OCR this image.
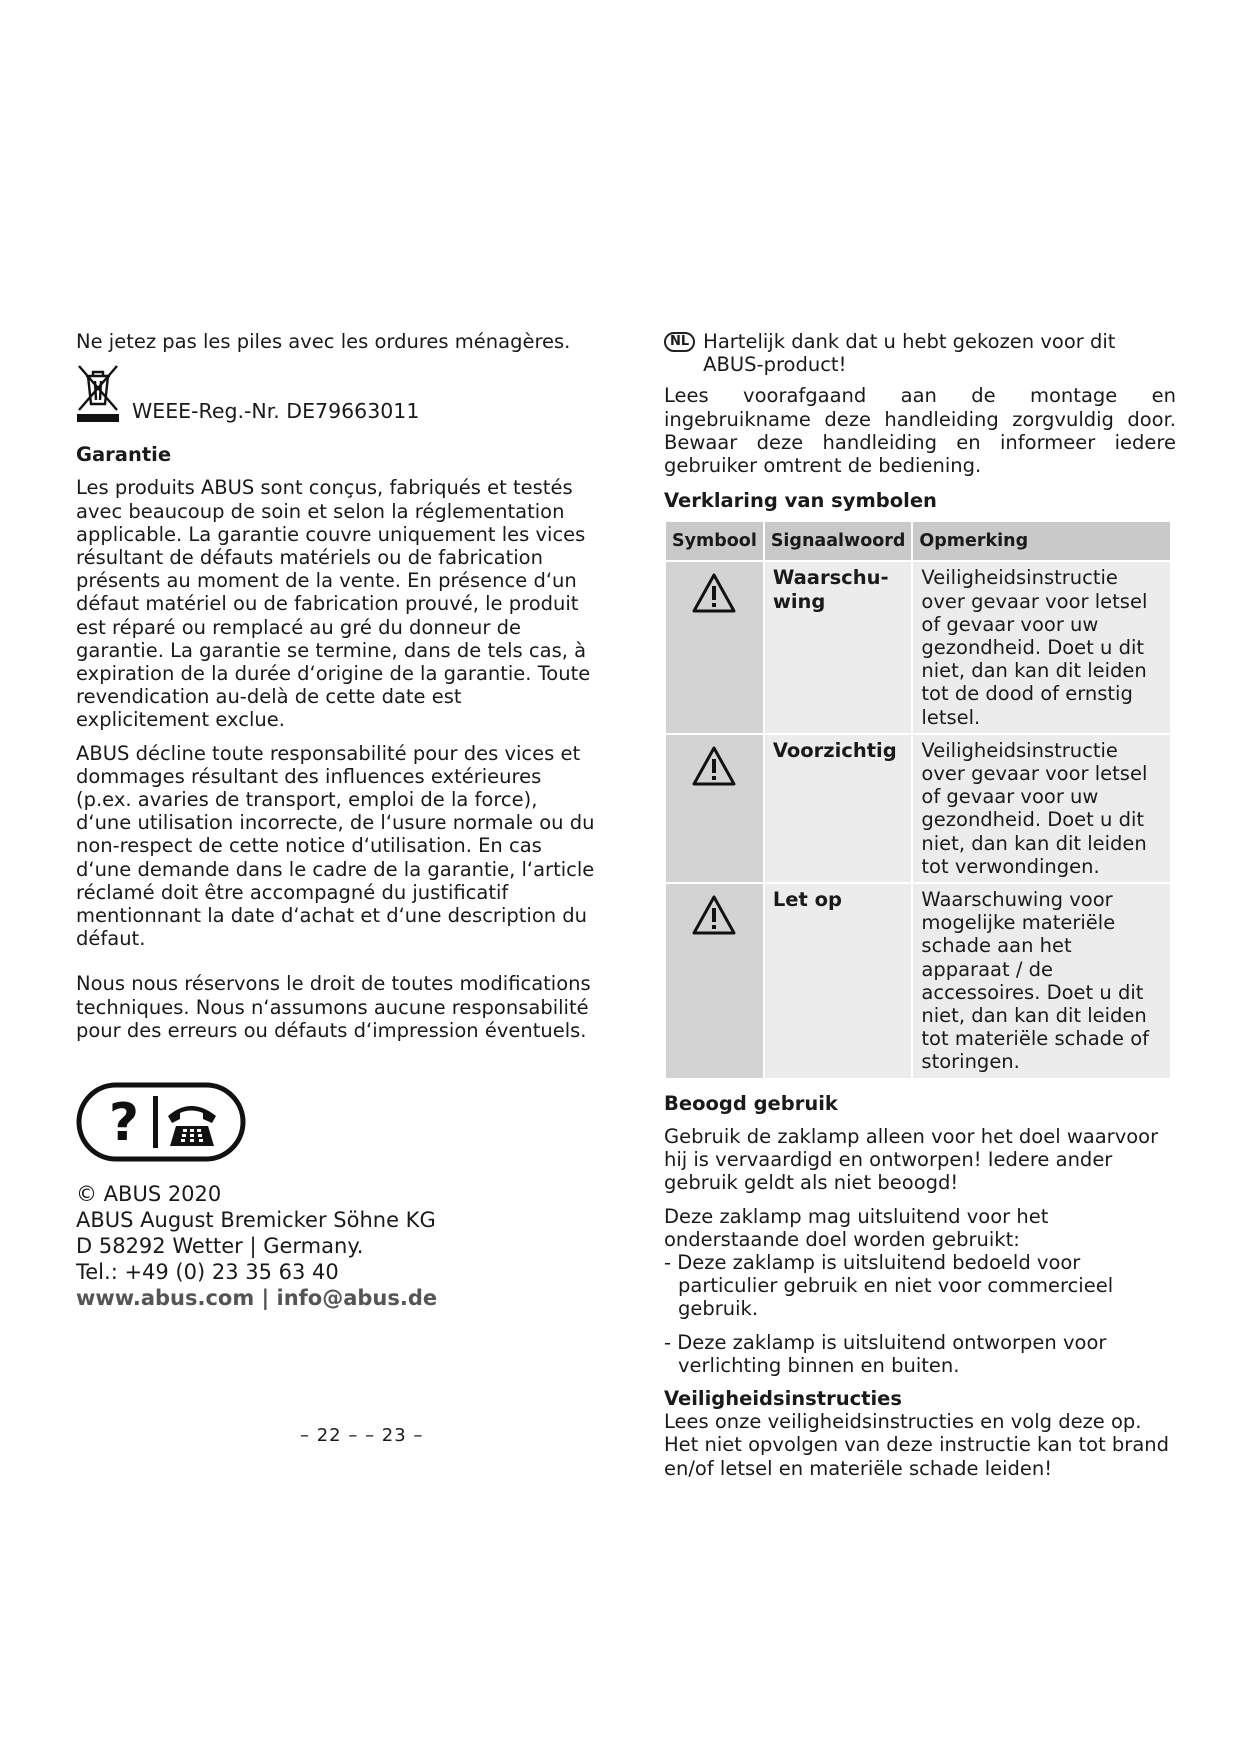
Ne jetez pas les piles avec les ordures ménagères.

WEEE-Reg.-Nr. DE79663011

Garantie

Les produits ABUS sont conçus, fabriqués et testés avec beaucoup de soin et selon la réglementation applicable. La garantie couvre uniquement les vices résultant de défauts matériels ou de fabrication présents au moment de la vente. En présence d‘un défaut matériel ou de fabrication prouvé, le produit est réparé ou remplacé au gré du donneur de garantie. La garantie se termine, dans de tels cas, à expiration de la durée d‘origine de la garantie. Toute revendication au-delà de cette date est explicitement exclue.

ABUS décline toute responsabilité pour des vices et dommages résultant des influences extérieures (p.ex. avaries de transport, emploi de la force), d‘une utilisation incorrecte, de l‘usure normale ou du non-respect de cette notice d‘utilisation. En cas d‘une demande dans le cadre de la garantie, l‘article réclamé doit être accompagné du justificatif mentionnant la date d‘achat et d‘une description du défaut.

Nous nous réservons le droit de toutes modifications techniques. Nous n‘assumons aucune responsabilité pour des erreurs ou défauts d‘impression éventuels.

?
© ABUS 2020
ABUS August Bremicker Söhne KG
D 58292 Wetter | Germany.
Tel.: +49 (0) 23 35 63 40
www.abus.com | info@abus.de
– 22 – – 23 –
NL Hartelijk dank dat u hebt gekozen voor dit ABUS-product!

Lees voorafgaand aan de montage en ingebruikname deze handleiding zorgvuldig door. Bewaar deze handleiding en informeer iedere gebruiker omtrent de bediening.

Verklaring van symbolen

Symbool	Signaalwoord	Opmerking
	Waarschu-wing	Veiligheidsinstructie over gevaar voor letsel of gevaar voor uw gezondheid. Doet u dit niet, dan kan dit leiden tot de dood of ernstig letsel.
	Voorzichtig	Veiligheidsinstructie over gevaar voor letsel of gevaar voor uw gezondheid. Doet u dit niet, dan kan dit leiden tot verwondingen.
	Let op	Waarschuwing voor mogelijke materiële schade aan het apparaat / de accessoires. Doet u dit niet, dan kan dit leiden tot materiële schade of storingen.

Beoogd gebruik

Gebruik de zaklamp alleen voor het doel waarvoor hij is vervaardigd en ontworpen! Iedere ander gebruik geldt als niet beoogd!

Deze zaklamp mag uitsluitend voor het onderstaande doel worden gebruikt:

- Deze zaklamp is uitsluitend bedoeld voor particulier gebruik en niet voor commercieel gebruik.
- Deze zaklamp is uitsluitend ontworpen voor verlichting binnen en buiten.

Veiligheidsinstructies

Lees onze veiligheidsinstructies en volg deze op. Het niet opvolgen van deze instructie kan tot brand en/of letsel en materiële schade leiden!
